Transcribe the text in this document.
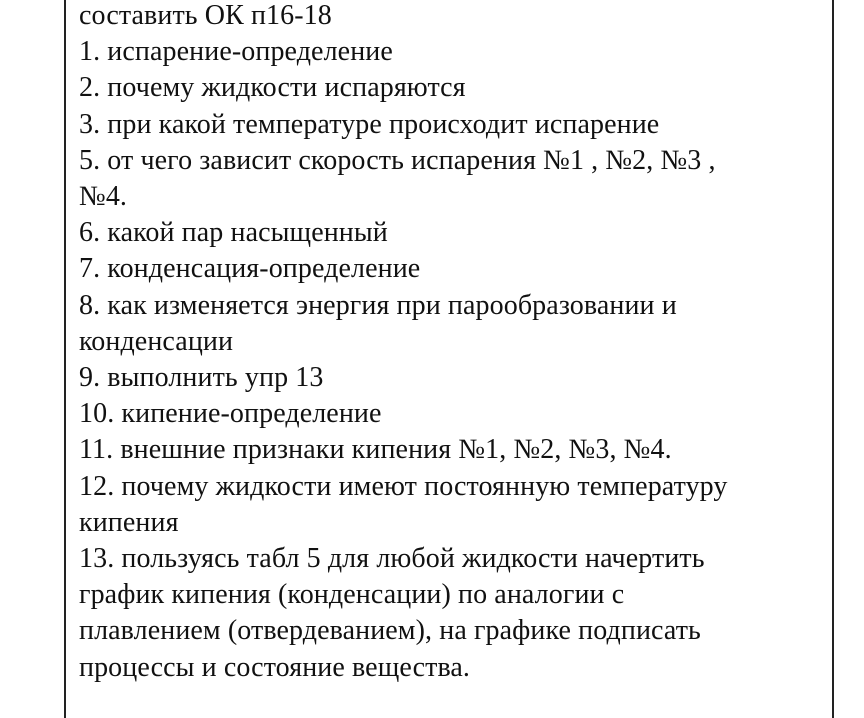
составить ОК п16-18
1. испарение-определение
2. почему жидкости испаряются
3. при какой температуре происходит испарение
5. от чего зависит скорость испарения №1 , №2, №3 ,
№4.
6. какой пар насыщенный
7. конденсация-определение
8. как изменяется энергия при парообразовании и
конденсации
9. выполнить упр 13
10. кипение-определение
11. внешние признаки кипения №1, №2, №3, №4.
12. почему жидкости имеют постоянную температуру
кипения
13. пользуясь табл 5 для любой жидкости начертить
график кипения (конденсации) по аналогии с
плавлением (отвердеванием), на графике подписать
процессы и состояние вещества.
